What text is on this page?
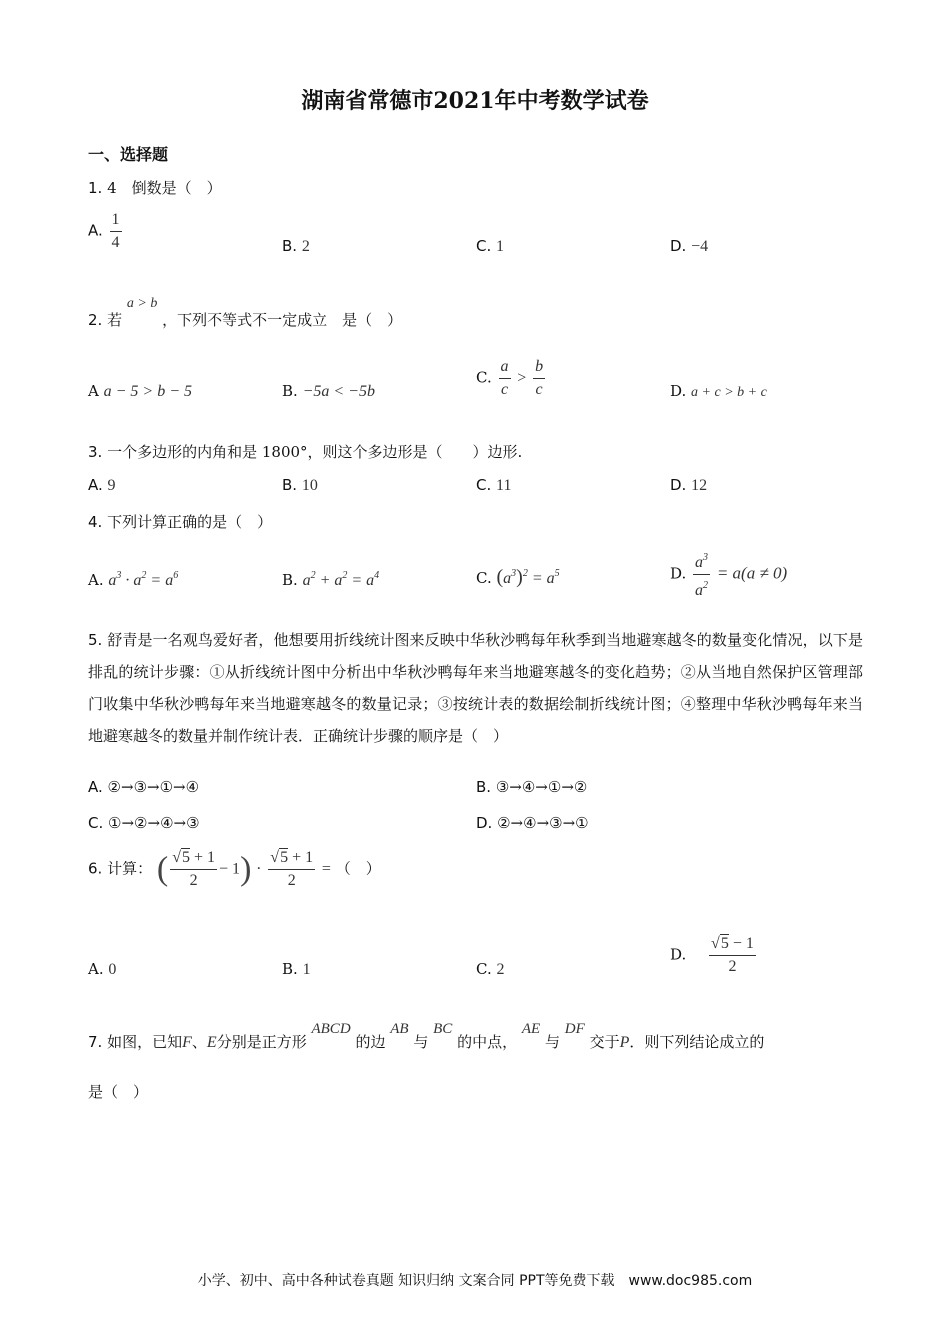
湖南省常德市2021年中考数学试卷
一、选择题
1. 4　倒数是（　）
A. $\frac{1}{4}$	B. 2	C. 1	D. −4
2. 若 a > b ，下列不等式不一定成立　是（　）
A a − 5 > b − 5	B. −5a < −5b
C. $\frac{a}{c} > \frac{b}{c}$	D. a + c > b + c
3. 一个多边形的内角和是 1800°，则这个多边形是（　　）边形.
A. 9	B. 10	C. 11	D. 12
4. 下列计算正确的是（　）
A. $a^3 \cdot a^2 = a^6$	B. $a^2 + a^2 = a^4$	C. $(a^3)^2 = a^5$	D. $\frac{a^3}{a^2} = a(a \ne 0)$
5. 舒青是一名观鸟爱好者，他想要用折线统计图来反映中华秋沙鸭每年秋季到当地避寒越冬的数量变化情况，以下是排乱的统计步骤：①从折线统计图中分析出中华秋沙鸭每年来当地避寒越冬的变化趋势；②从当地自然保护区管理部门收集中华秋沙鸭每年来当地避寒越冬的数量记录；③按统计表的数据绘制折线统计图；④整理中华秋沙鸭每年来当地避寒越冬的数量并制作统计表．正确统计步骤的顺序是（　）
A. ②→③→①→④	B. ③→④→①→②
C. ①→②→④→③	D. ②→④→③→①
6. 计算： ( $\frac{√5 + 1}{2} - 1) \cdot \frac{√5 + 1}{2}$ = （　）
A. 0	B. 1	C. 2
D. $\frac{√5 - 1}{2}$
7. 如图，已知F、E分别是正方形 ABCD 的边 AB 与 BC 的中点， AE 与 DF 交于P．则下列结论成立的
是（　）
小学、初中、高中各种试卷真题 知识归纳 文案合同 PPT等免费下载　www.doc985.com
